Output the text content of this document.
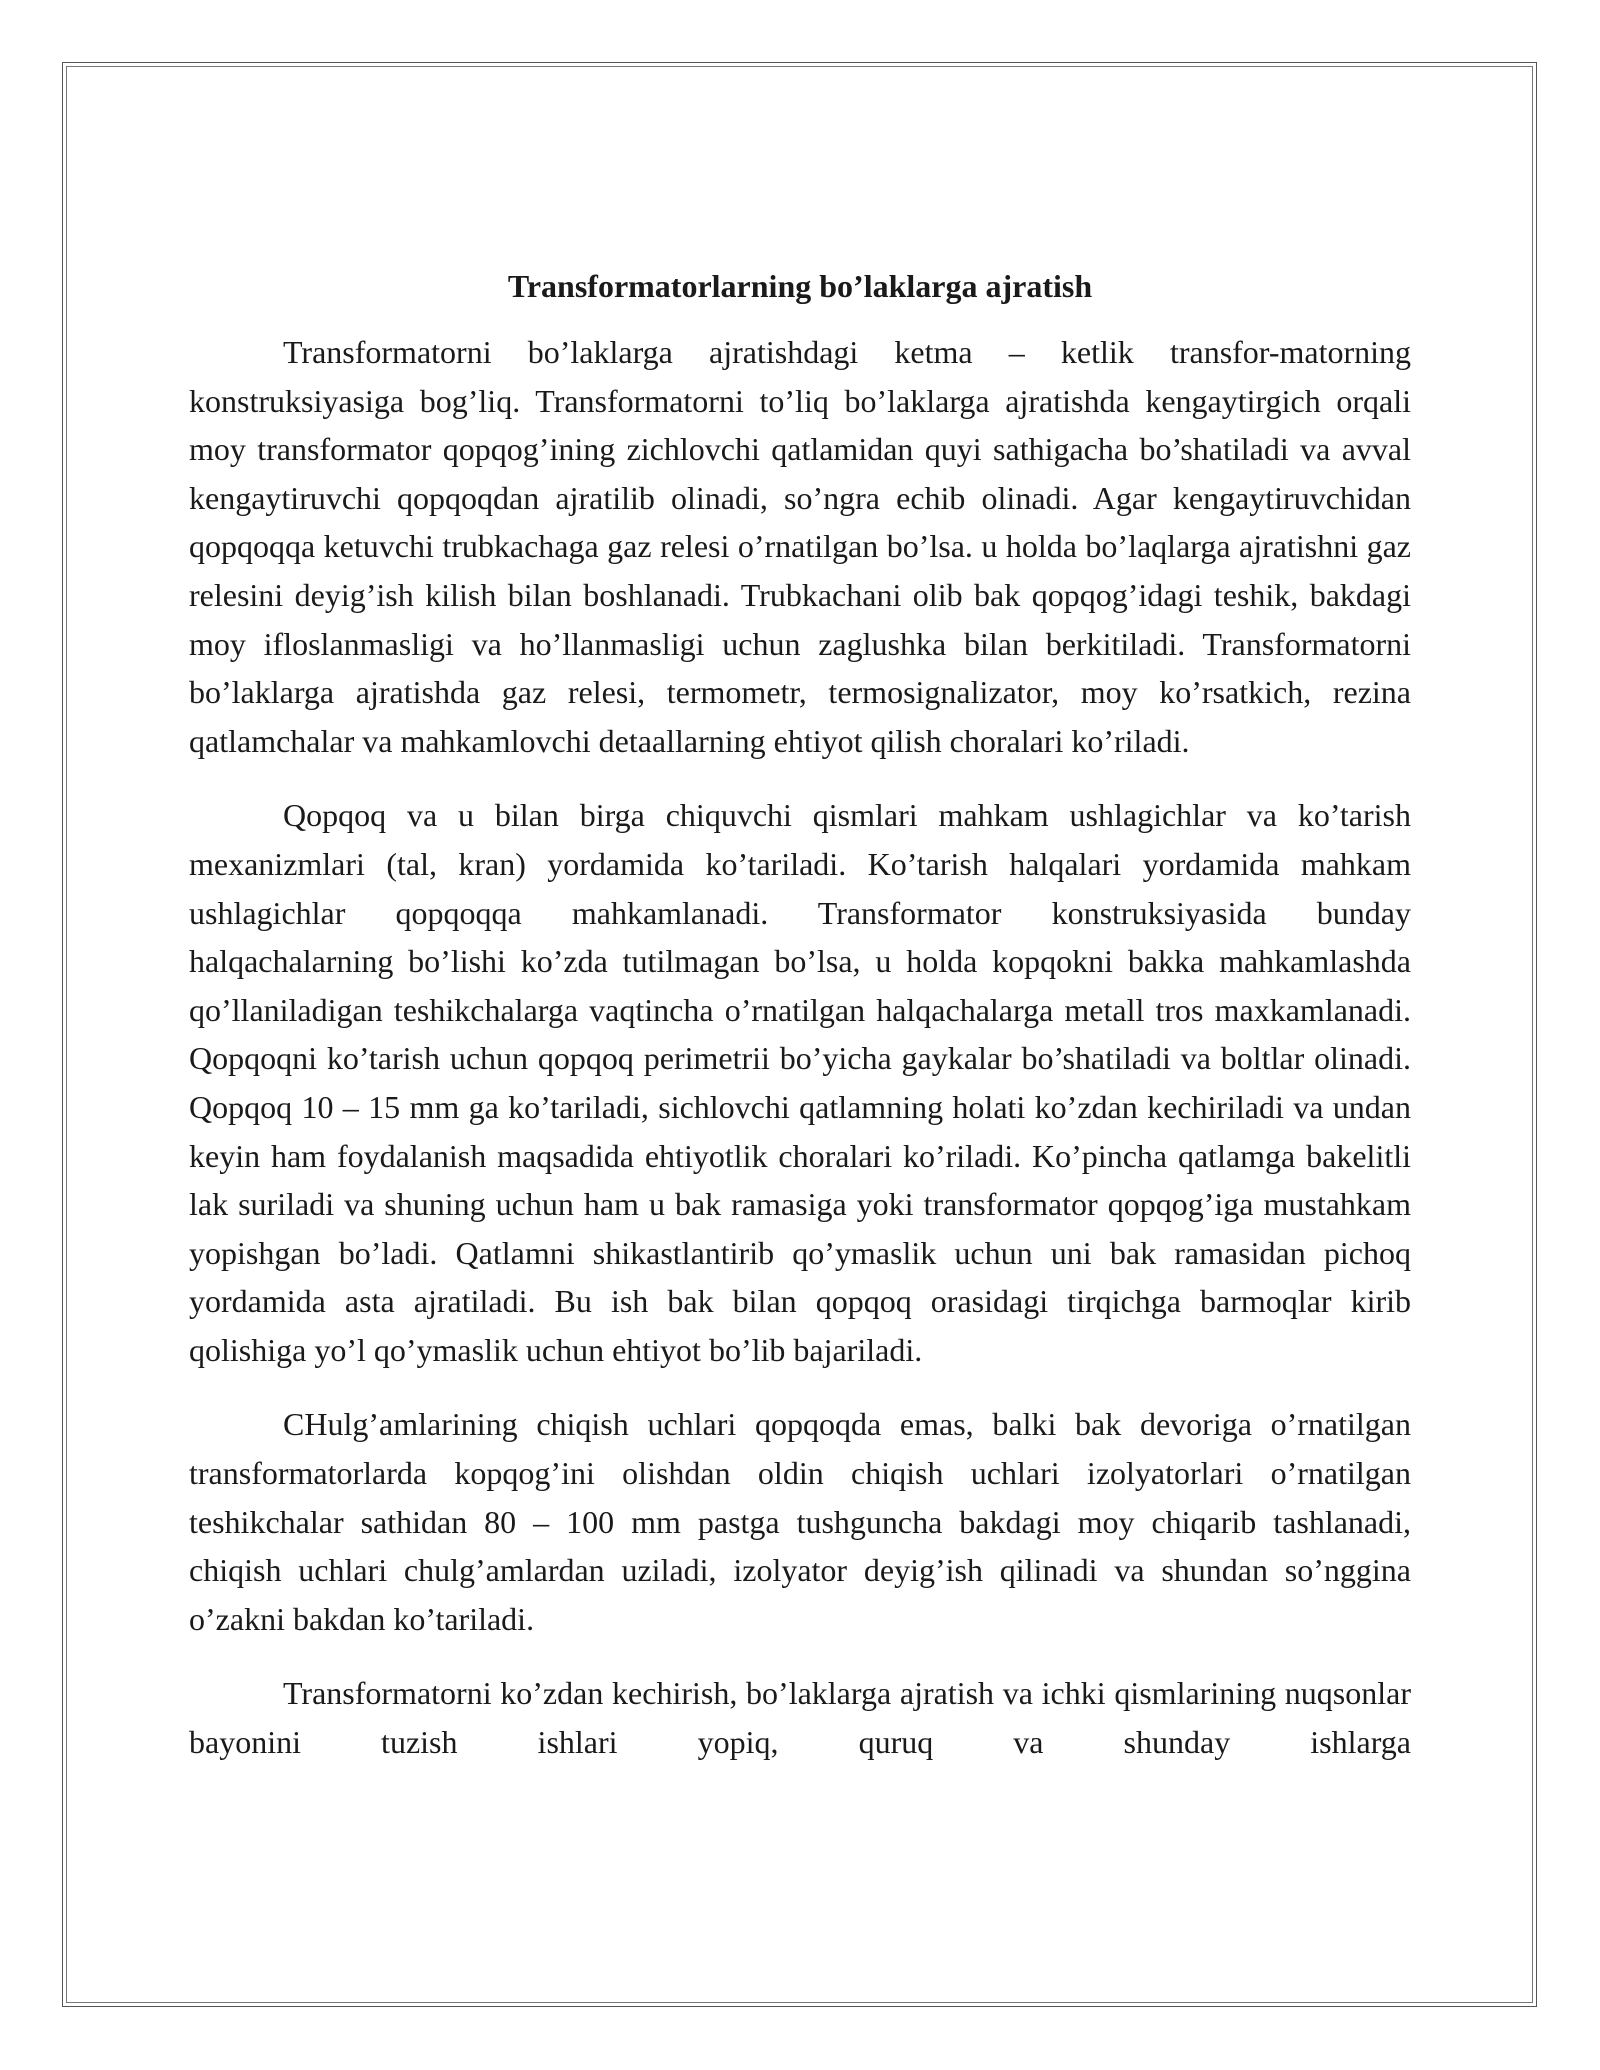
Transformatorlarning bo’laklarga ajratish

Transformatorni bo’laklarga ajratishdagi ketma – ketlik transfor-matorning konstruksiyasiga bog’liq. Transformatorni to’liq bo’laklarga ajratishda kengaytirgich orqali moy transformator qopqog’ining zichlovchi qatlamidan quyi sathigacha bo’shatiladi va avval kengaytiruvchi qopqoqdan ajratilib olinadi, so’ngra echib olinadi. Agar kengaytiruvchidan qopqoqqa ketuvchi trubkachaga gaz relesi o’rnatilgan bo’lsa. u holda bo’laqlarga ajratishni gaz relesini deyig’ish kilish bilan boshlanadi. Trubkachani olib bak qopqog’idagi teshik, bakdagi moy ifloslanmasligi va ho’llanmasligi uchun zaglushka bilan berkitiladi. Transformatorni bo’laklarga ajratishda gaz relesi, termometr, termosignalizator, moy ko’rsatkich, rezina qatlamchalar va mahkamlovchi detaallarning ehtiyot qilish choralari ko’riladi.

Qopqoq va u bilan birga chiquvchi qismlari mahkam ushlagichlar va ko’tarish mexanizmlari (tal, kran) yordamida ko’tariladi. Ko’tarish halqalari yordamida mahkam ushlagichlar qopqoqqa mahkamlanadi. Transformator konstruksiyasida bunday halqachalarning bo’lishi ko’zda tutilmagan bo’lsa, u holda kopqokni bakka mahkamlashda qo’llaniladigan teshikchalarga vaqtincha o’rnatilgan halqachalarga metall tros maxkamlanadi. Qopqoqni ko’tarish uchun qopqoq perimetrii bo’yicha gaykalar bo’shatiladi va boltlar olinadi. Qopqoq 10 – 15 mm ga ko’tariladi, sichlovchi qatlamning holati ko’zdan kechiriladi va undan keyin ham foydalanish maqsadida ehtiyotlik choralari ko’riladi. Ko’pincha qatlamga bakelitli lak suriladi va shuning uchun ham u bak ramasiga yoki transformator qopqog’iga mustahkam yopishgan bo’ladi. Qatlamni shikastlantirib qo’ymaslik uchun uni bak ramasidan pichoq yordamida asta ajratiladi. Bu ish bak bilan qopqoq orasidagi tirqichga barmoqlar kirib qolishiga yo’l qo’ymaslik uchun ehtiyot bo’lib bajariladi.

CHulg’amlarining chiqish uchlari qopqoqda emas, balki bak devoriga o’rnatilgan transformatorlarda kopqog’ini olishdan oldin chiqish uchlari izolyatorlari o’rnatilgan teshikchalar sathidan 80 – 100 mm pastga tushguncha bakdagi moy chiqarib tashlanadi, chiqish uchlari chulg’amlardan uziladi, izolyator deyig’ish qilinadi va shundan so’nggina o’zakni bakdan ko’tariladi.

Transformatorni ko’zdan kechirish, bo’laklarga ajratish va ichki qismlarining nuqsonlar bayonini tuzish ishlari yopiq, quruq va shunday ishlarga
